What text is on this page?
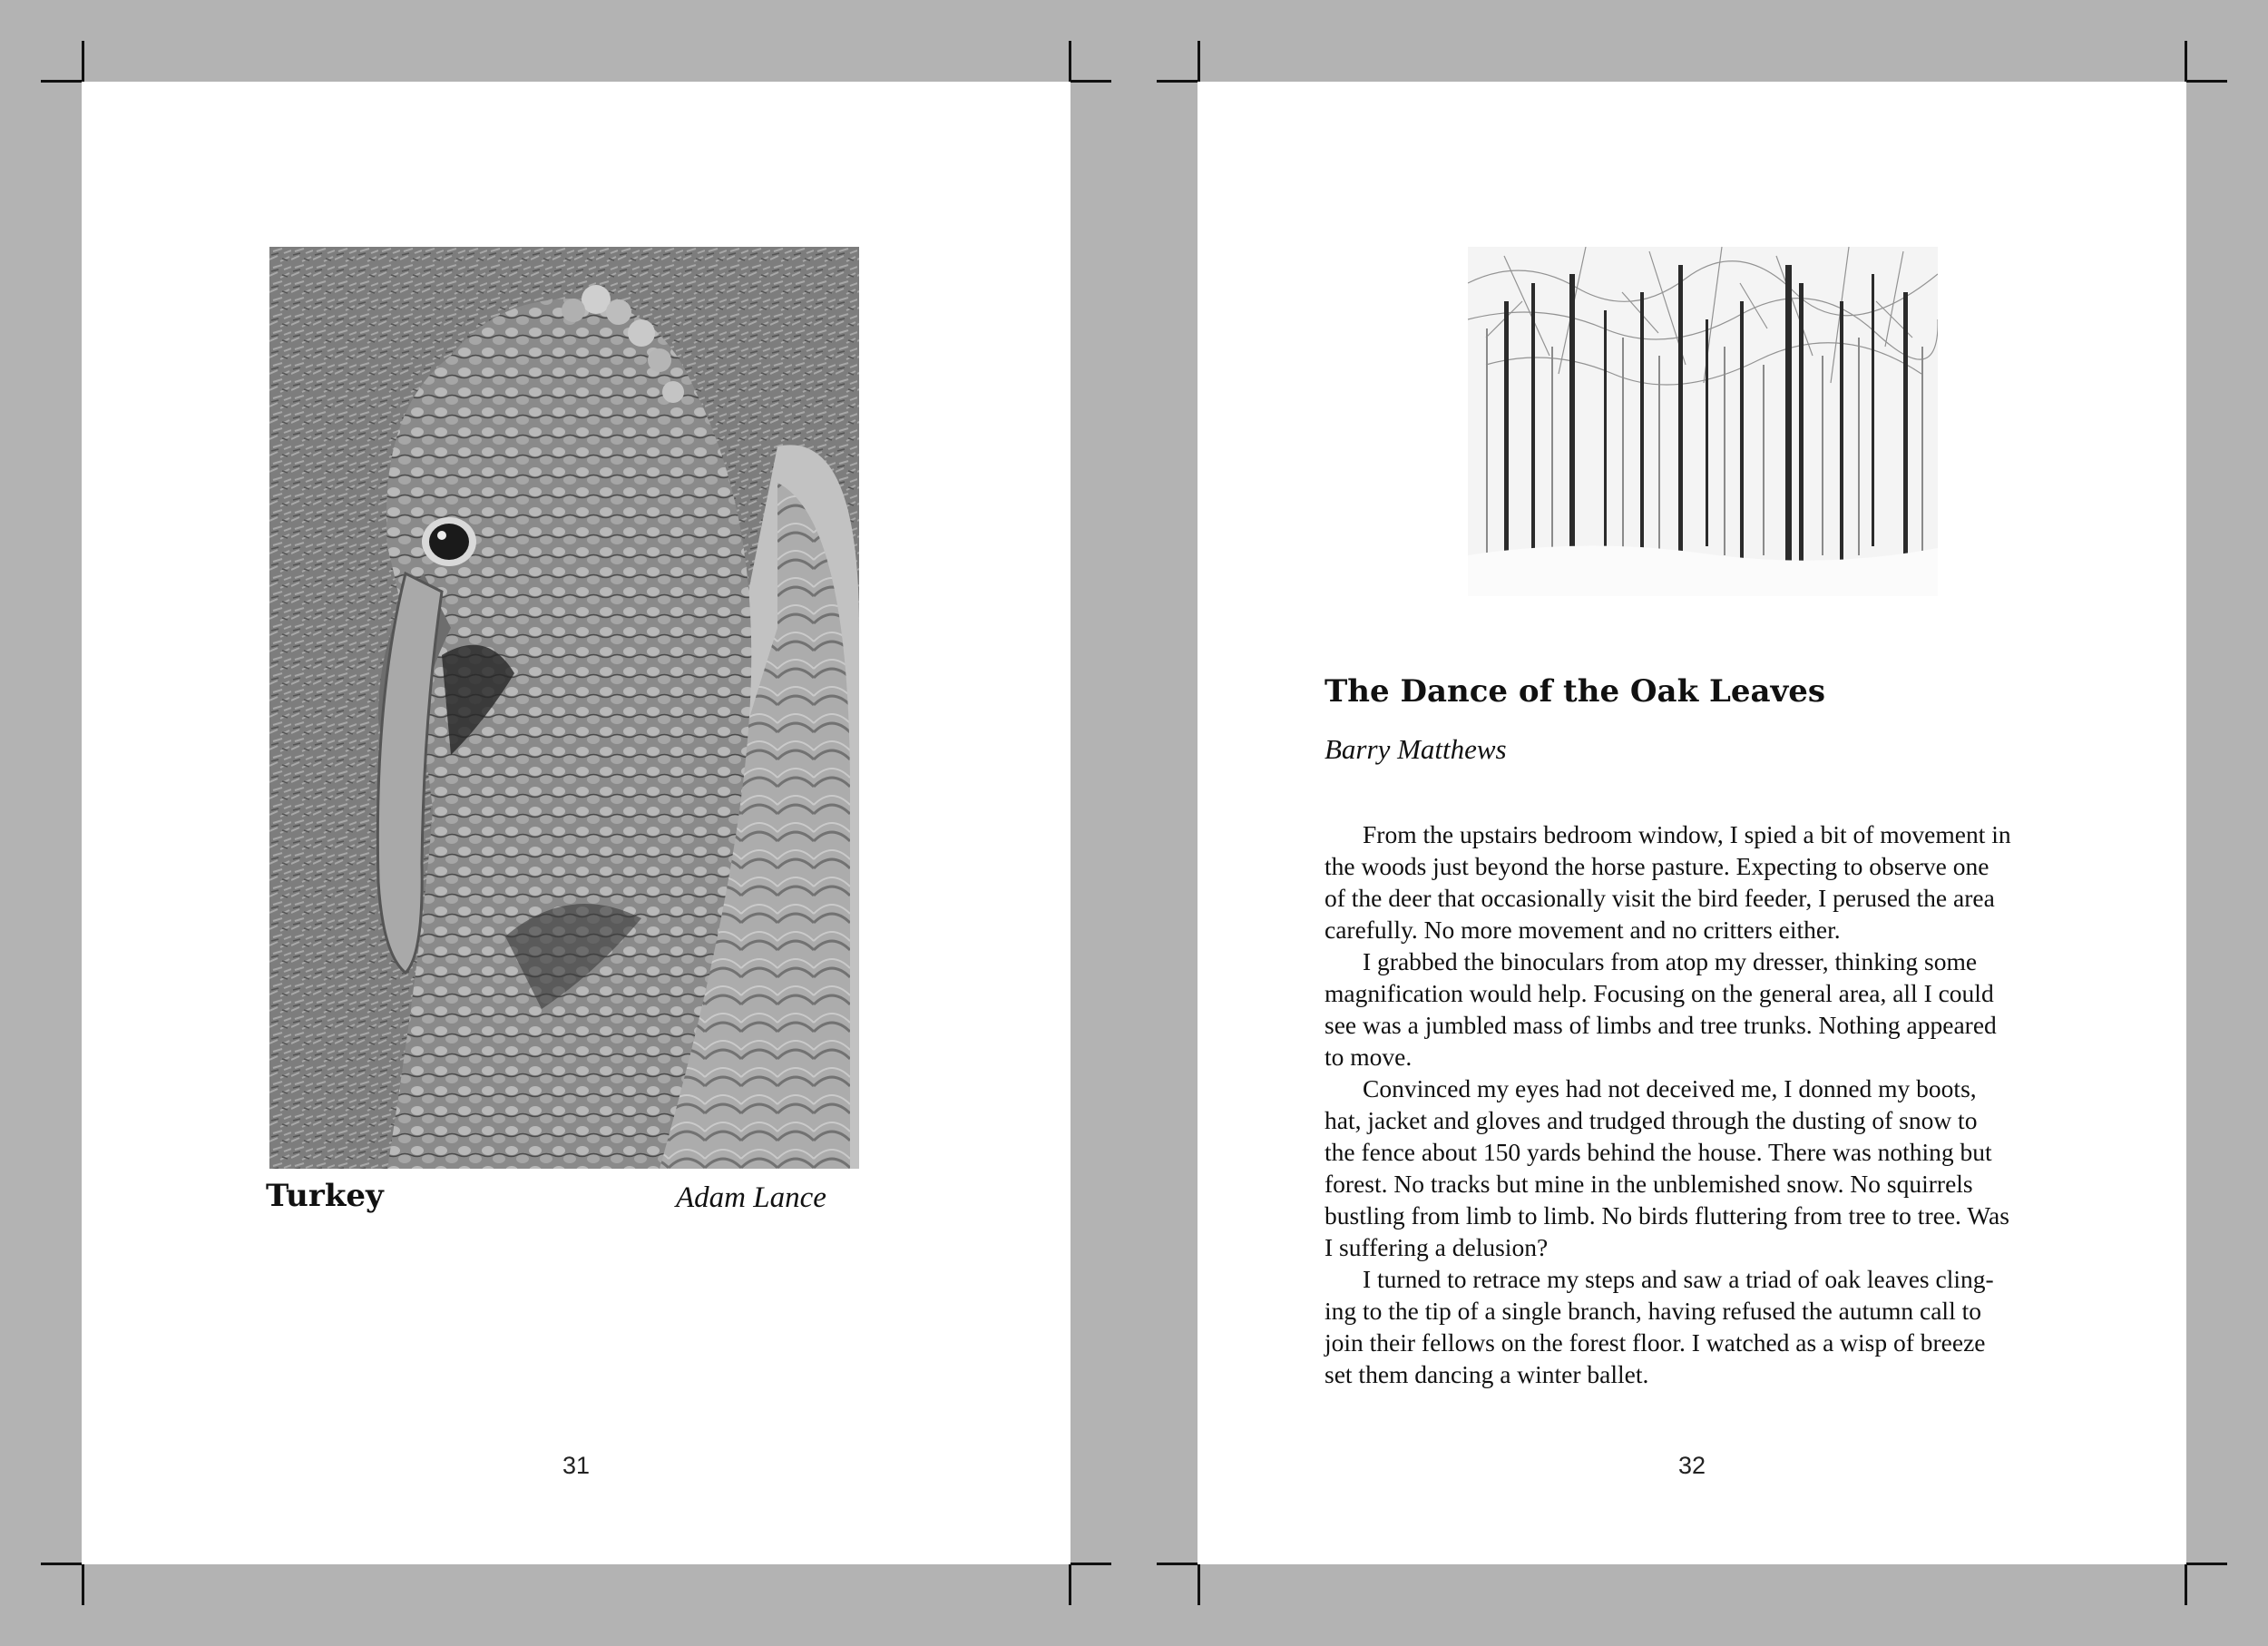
Turkey	Adam Lance
31
The Dance of the Oak Leaves
Barry Matthews
From the upstairs bedroom window, I spied a bit of movement in
the woods just beyond the horse pasture. Expecting to observe one
of the deer that occasionally visit the bird feeder, I perused the area
carefully. No more movement and no critters either.
I grabbed the binoculars from atop my dresser, thinking some
magnification would help. Focusing on the general area, all I could
see was a jumbled mass of limbs and tree trunks. Nothing appeared
to move.
Convinced my eyes had not deceived me, I donned my boots,
hat, jacket and gloves and trudged through the dusting of snow to
the fence about 150 yards behind the house. There was nothing but
forest. No tracks but mine in the unblemished snow. No squirrels
bustling from limb to limb. No birds fluttering from tree to tree. Was
I suffering a delusion?
I turned to retrace my steps and saw a triad of oak leaves cling-
ing to the tip of a single branch, having refused the autumn call to
join their fellows on the forest floor. I watched as a wisp of breeze
set them dancing a winter ballet.
32
